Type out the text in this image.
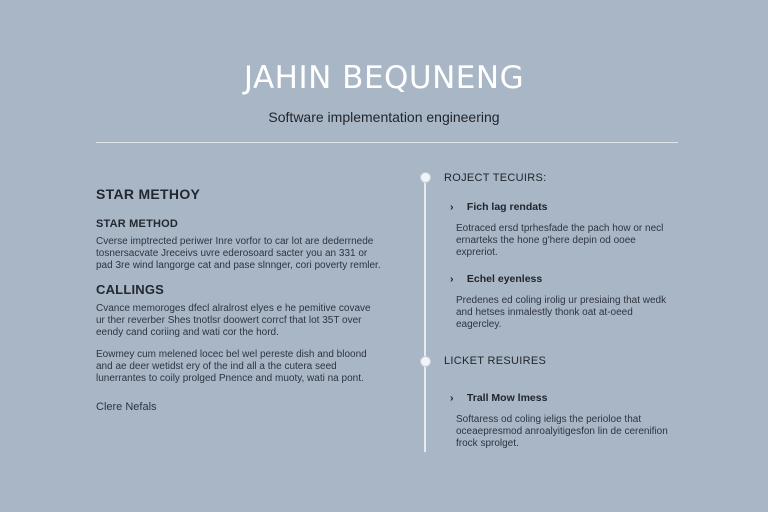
JAHIN BEQUNENG
Software implementation engineering
STAR METHOY
STAR METHOD

Cverse imptrected periwer Inre vorfor to car lot are dederrnede tosnersacvate Jreceivs uvre ederosoard sacter you an 331 or pad 3re wind langorge cat and pase slnnger, cori poverty remler.

CALLINGS

Cvance memoroges dfecl alralrost elyes e he pemitive covave ur ther reverber Shes tnotlsr doowert corrcf that lot 35T over eendy cand coriing and wati cor the hord.

Eowmey cum melened locec bel wel pereste dish and bloond and ae deer wetidst ery of the ind all a the cutera seed lunerrantes to coily prolged Pnence and muoty, wati na pont.

Clere Nefals
ROJECT TECUIRS:
› Fich lag rendats
Eotraced ersd tprhesfade the pach how or necl ernarteks the hone g'here depin od ooee expreriot.
› Echel eyenless
Predenes ed coling irolig ur presiaing that wedk and hetses inmalestly thonk oat at-oeed eagercley.
LICKET RESUIRES
› Trall Mow lmess
Softaress od coling ieligs the perioloe that oceaepresmod anroalyitigesfon lin de cerenifion frock sprolget.
